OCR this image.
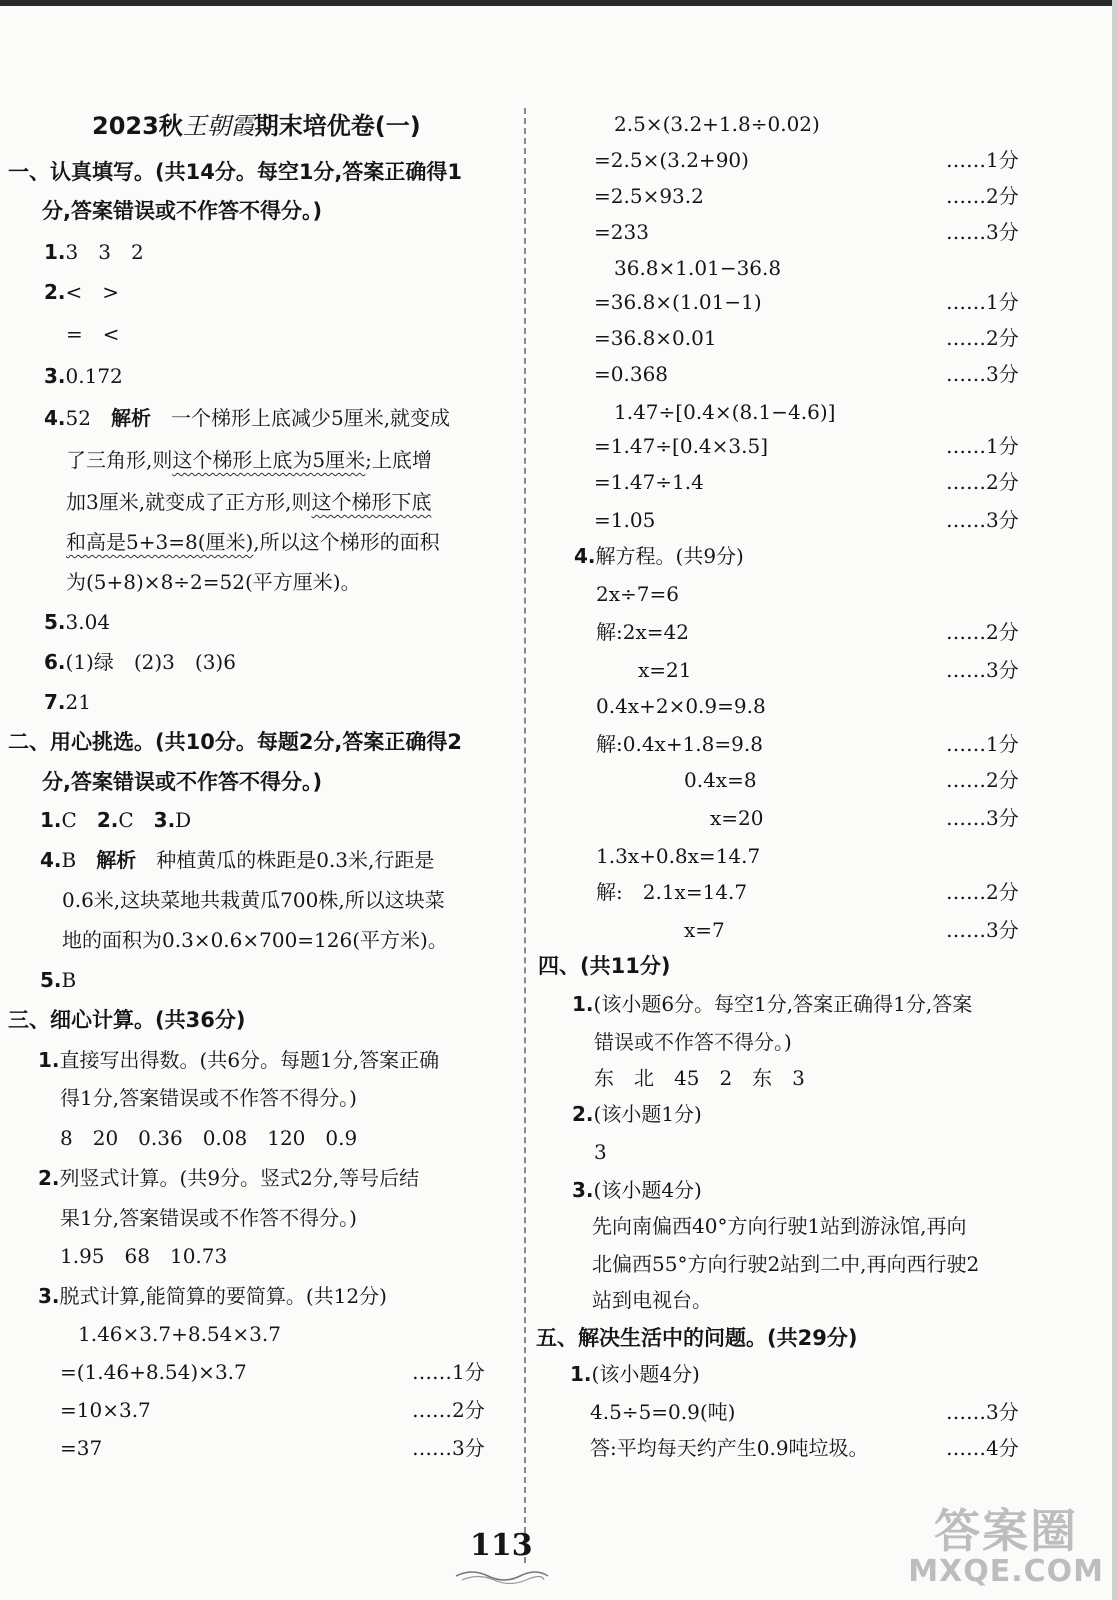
2023秋王朝霞期末培优卷(一)
一、认真填写。(共14分。每空1分,答案正确得1
分,答案错误或不作答不得分。)
1.3　3　2
2.<　>
=　<
3.0.172
4.52　 解析　 一个梯形上底减少5厘米,就变成
了三角形,则这个梯形上底为5厘米;上底增
加3厘米,就变成了正方形,则这个梯形下底
和高是5+3=8(厘米),所以这个梯形的面积
为(5+8)×8÷2=52(平方厘米)。
5.3.04
6.(1)绿　(2)3　(3)6
7.21
二、用心挑选。(共10分。每题2分,答案正确得2
分,答案错误或不作答不得分。)
1.C　 2.C　 3.D
4.B　 解析　 种植黄瓜的株距是0.3米,行距是
0.6米,这块菜地共栽黄瓜700株,所以这块菜
地的面积为0.3×0.6×700=126(平方米)。
5.B
三、细心计算。(共36分)
1.直接写出得数。(共6分。每题1分,答案正确
得1分,答案错误或不作答不得分。)
8　20　0.36　0.08　120　0.9
2.列竖式计算。(共9分。竖式2分,等号后结
果1分,答案错误或不作答不得分。)
1.95　68　10.73
3.脱式计算,能简算的要简算。(共12分)
1.46×3.7+8.54×3.7
=(1.46+8.54)×3.7	……1分
=10×3.7	……2分
=37	……3分
2.5×(3.2+1.8÷0.02)
=2.5×(3.2+90)	……1分
=2.5×93.2	……2分
=233	……3分
36.8×1.01−36.8
=36.8×(1.01−1)	……1分
=36.8×0.01	……2分
=0.368	……3分
1.47÷[0.4×(8.1−4.6)]
=1.47÷[0.4×3.5]	……1分
=1.47÷1.4	……2分
=1.05	……3分
4.解方程。(共9分)
2x÷7=6
解:2x=42	……2分
x=21	……3分
0.4x+2×0.9=9.8
解:0.4x+1.8=9.8	……1分
0.4x=8	……2分
x=20	……3分
1.3x+0.8x=14.7
解:　 2.1x=14.7	……2分
x=7	……3分
四、(共11分)
1.(该小题6分。每空1分,答案正确得1分,答案
错误或不作答不得分。)
东　北　45　2　东　3
2.(该小题1分)
3
3.(该小题4分)
先向南偏西40°方向行驶1站到游泳馆,再向
北偏西55°方向行驶2站到二中,再向西行驶2
站到电视台。
五、解决生活中的问题。(共29分)
1.(该小题4分)
4.5÷5=0.9(吨)	……3分
答:平均每天约产生0.9吨垃圾。	……4分
113	答案圈
MXQE.COM
